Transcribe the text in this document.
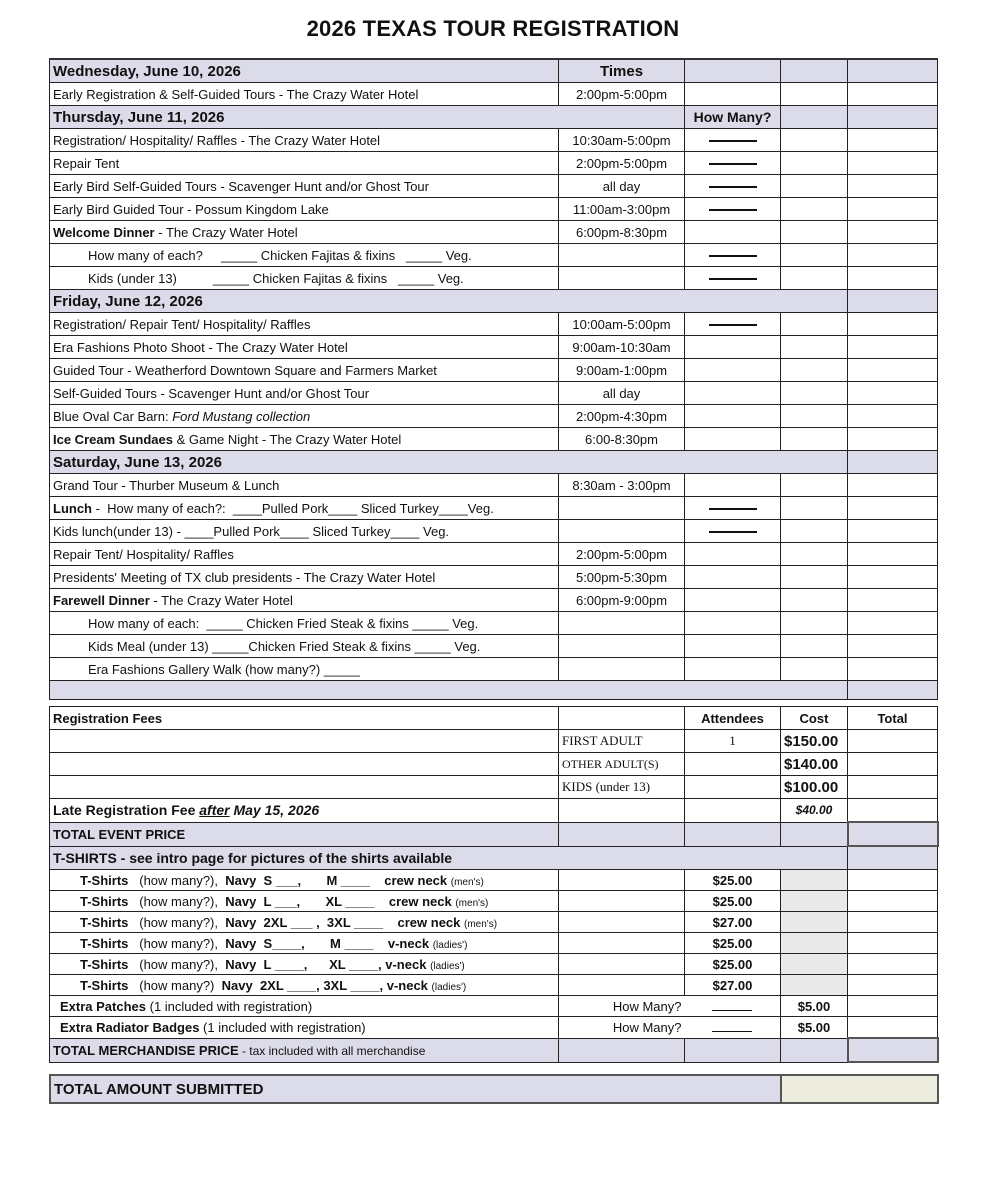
2026 TEXAS TOUR REGISTRATION
Wednesday, June 10, 2026	Times			
Early Registration & Self-Guided Tours - The Crazy Water Hotel	2:00pm-5:00pm			
Thursday, June 11, 2026		How Many?		
Registration/ Hospitality/ Raffles - The Crazy Water Hotel	10:30am-5:00pm			
Repair Tent	2:00pm-5:00pm			
Early Bird Self-Guided Tours - Scavenger Hunt and/or Ghost Tour	all day			
Early Bird Guided Tour - Possum Kingdom Lake	11:00am-3:00pm			
Welcome Dinner - The Crazy Water Hotel	6:00pm-8:30pm			
How many of each?     _____ Chicken Fajitas & fixins   _____ Veg.				
Kids (under 13)          _____ Chicken Fajitas & fixins   _____ Veg.				
Friday, June 12, 2026				
Registration/ Repair Tent/ Hospitality/ Raffles	10:00am-5:00pm			
Era Fashions Photo Shoot - The Crazy Water Hotel	9:00am-10:30am			
Guided Tour - Weatherford Downtown Square and Farmers Market	9:00am-1:00pm			
Self-Guided Tours - Scavenger Hunt and/or Ghost Tour	all day			
Blue Oval Car Barn: Ford Mustang collection	2:00pm-4:30pm			
Ice Cream Sundaes & Game Night - The Crazy Water Hotel	6:00-8:30pm			
Saturday, June 13, 2026				
Grand Tour - Thurber Museum & Lunch	8:30am - 3:00pm			
Lunch -  How many of each?:  ____Pulled Pork____ Sliced Turkey____Veg.				
Kids lunch(under 13) - ____Pulled Pork____ Sliced Turkey____ Veg.				
Repair Tent/ Hospitality/ Raffles	2:00pm-5:00pm			
Presidents' Meeting of TX club presidents - The Crazy Water Hotel	5:00pm-5:30pm			
Farewell Dinner - The Crazy Water Hotel	6:00pm-9:00pm			
How many of each:  _____ Chicken Fried Steak & fixins _____ Veg.				
Kids Meal (under 13) _____Chicken Fried Steak & fixins _____ Veg.				
Era Fashions Gallery Walk (how many?) _____				

Registration Fees		Attendees	Cost	Total
	FIRST ADULT	1	$150.00	
	OTHER ADULT(S)		$140.00	
	KIDS (under 13)		$100.00	
Late Registration Fee after May 15, 2026			$40.00	
TOTAL EVENT PRICE				
T-SHIRTS - see intro page for pictures of the shirts available				
T-Shirts (how many?), Navy S ___, M ____ crew neck (men's)		$25.00		
T-Shirts (how many?), Navy L ___, XL ____ crew neck (men's)		$25.00		
T-Shirts (how many?), Navy 2XL ___ , 3XL ____ crew neck (men's)		$27.00		
T-Shirts (how many?), Navy S____, M ____ v-neck (ladies')		$25.00		
T-Shirts (how many?), Navy L ____, XL ____, v-neck (ladies')		$25.00		
T-Shirts (how many?) Navy 2XL ____, 3XL ____, v-neck (ladies')		$27.00		
Extra Patches (1 included with registration)	How Many?		$5.00	
Extra Radiator Badges (1 included with registration)	How Many?		$5.00	
TOTAL MERCHANDISE PRICE - tax included with all merchandise				
TOTAL AMOUNT SUBMITTED	
